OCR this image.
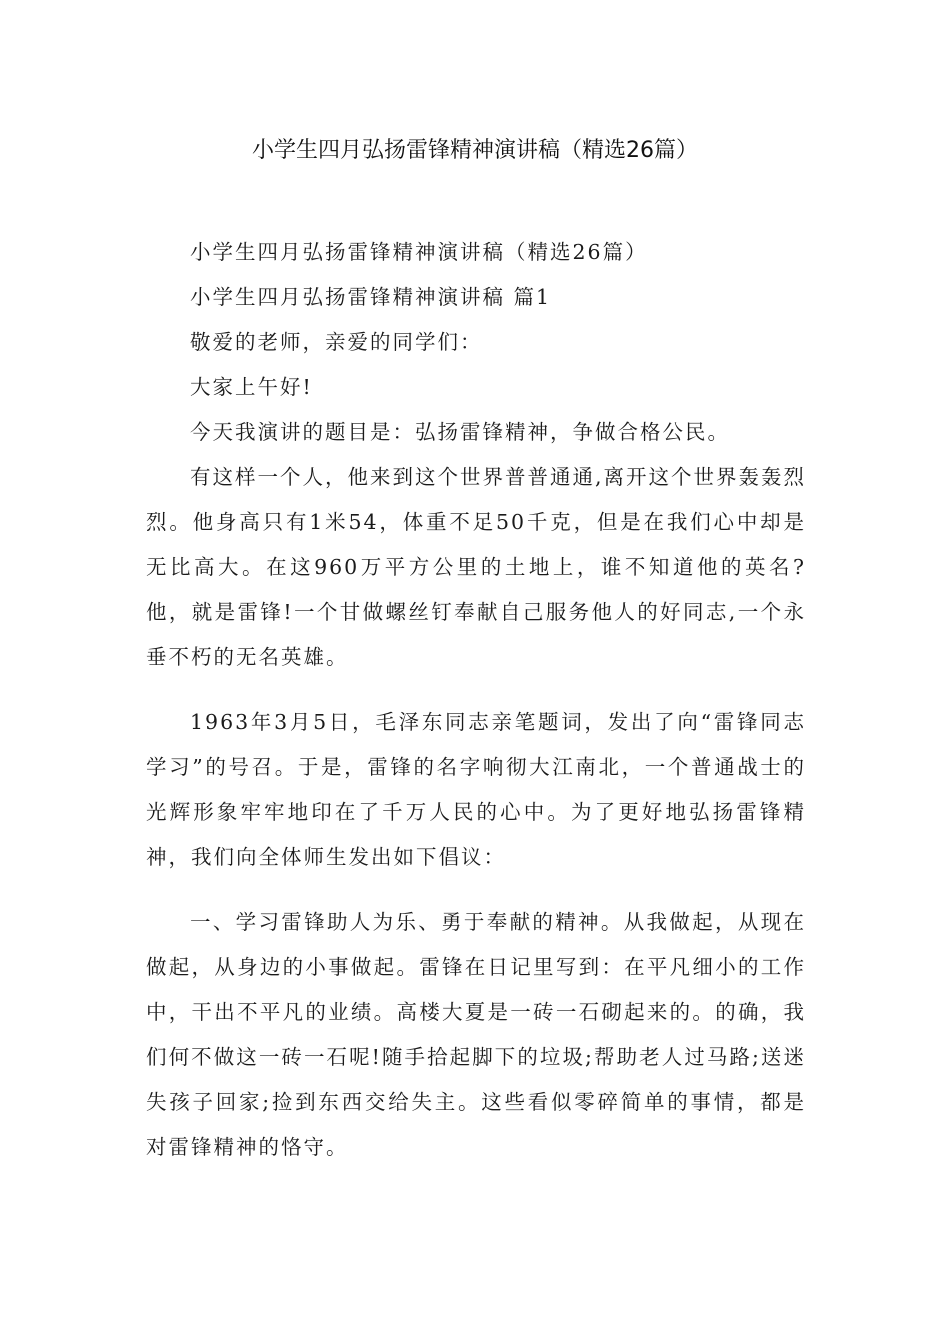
小学生四月弘扬雷锋精神演讲稿（精选26篇）

小学生四月弘扬雷锋精神演讲稿（精选26篇）

小学生四月弘扬雷锋精神演讲稿 篇1

敬爱的老师，亲爱的同学们：

大家上午好!

今天我演讲的题目是：弘扬雷锋精神，争做合格公民。

有这样一个人，他来到这个世界普普通通,离开这个世界轰轰烈烈。他身高只有1米54，体重不足50千克，但是在我们心中却是无比高大。在这960万平方公里的土地上，谁不知道他的英名?他，就是雷锋!一个甘做螺丝钉奉献自己服务他人的好同志,一个永垂不朽的无名英雄。

1963年3月5日，毛泽东同志亲笔题词，发出了向“雷锋同志学习”的号召。于是，雷锋的名字响彻大江南北，一个普通战士的光辉形象牢牢地印在了千万人民的心中。为了更好地弘扬雷锋精神，我们向全体师生发出如下倡议：

一、学习雷锋助人为乐、勇于奉献的精神。从我做起，从现在做起，从身边的小事做起。雷锋在日记里写到：在平凡细小的工作中，干出不平凡的业绩。高楼大夏是一砖一石砌起来的。的确，我们何不做这一砖一石呢!随手拾起脚下的垃圾;帮助老人过马路;送迷失孩子回家;捡到东西交给失主。这些看似零碎简单的事情，都是对雷锋精神的恪守。
